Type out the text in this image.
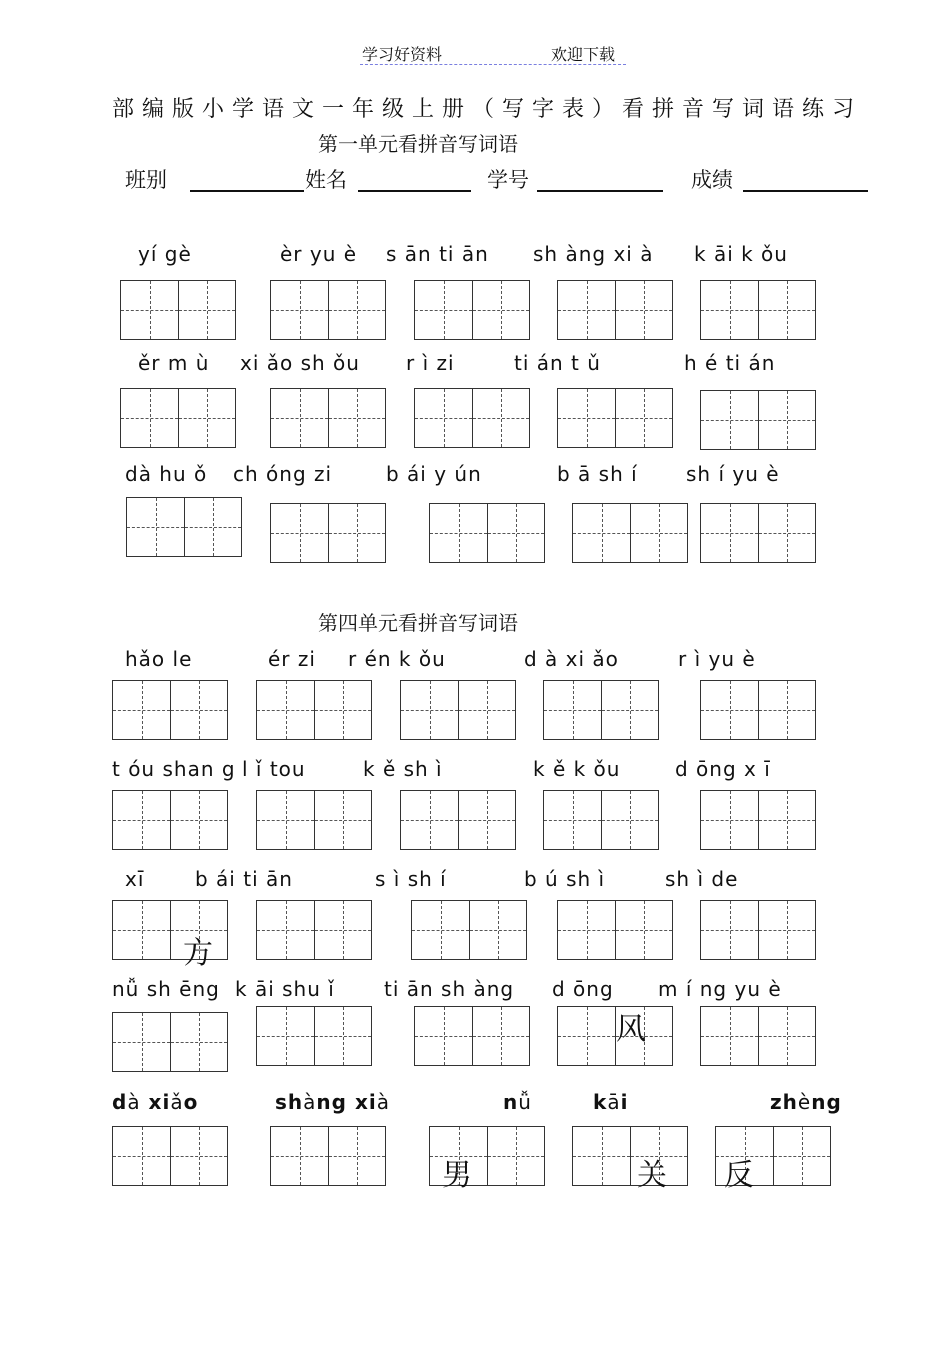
学习好资料	欢迎下载
部编版小学语文一年级上册（写字表）看拼音写词语练习
第一单元看拼音写词语
班别	姓名	学号	成绩
yí gè	èr yu è s ān ti ān sh àng xi à k āi k ǒu
ěr m ù xi ǎo sh ǒu r ì zi	ti án t ǔ	h é ti án
dà hu ǒ ch óng zi	b ái y ún	b ā sh í sh í yu è
第四单元看拼音写词语
hǎo le	ér zi r én k ǒu	d à xi ǎo	r ì yu è
t óu shan g l ǐ tou	k ě sh ì	k ě k ǒu	d ōng x ī
xī	b ái ti ān	s ì sh í	b ú sh ì	sh ì de
nǚ sh ēng k āi shu ǐ ti ān sh àng d ōng m í ng yu è
dà xiǎo	shàng xià	nǚ	kāi	zhèng
方
风
男	关 反
